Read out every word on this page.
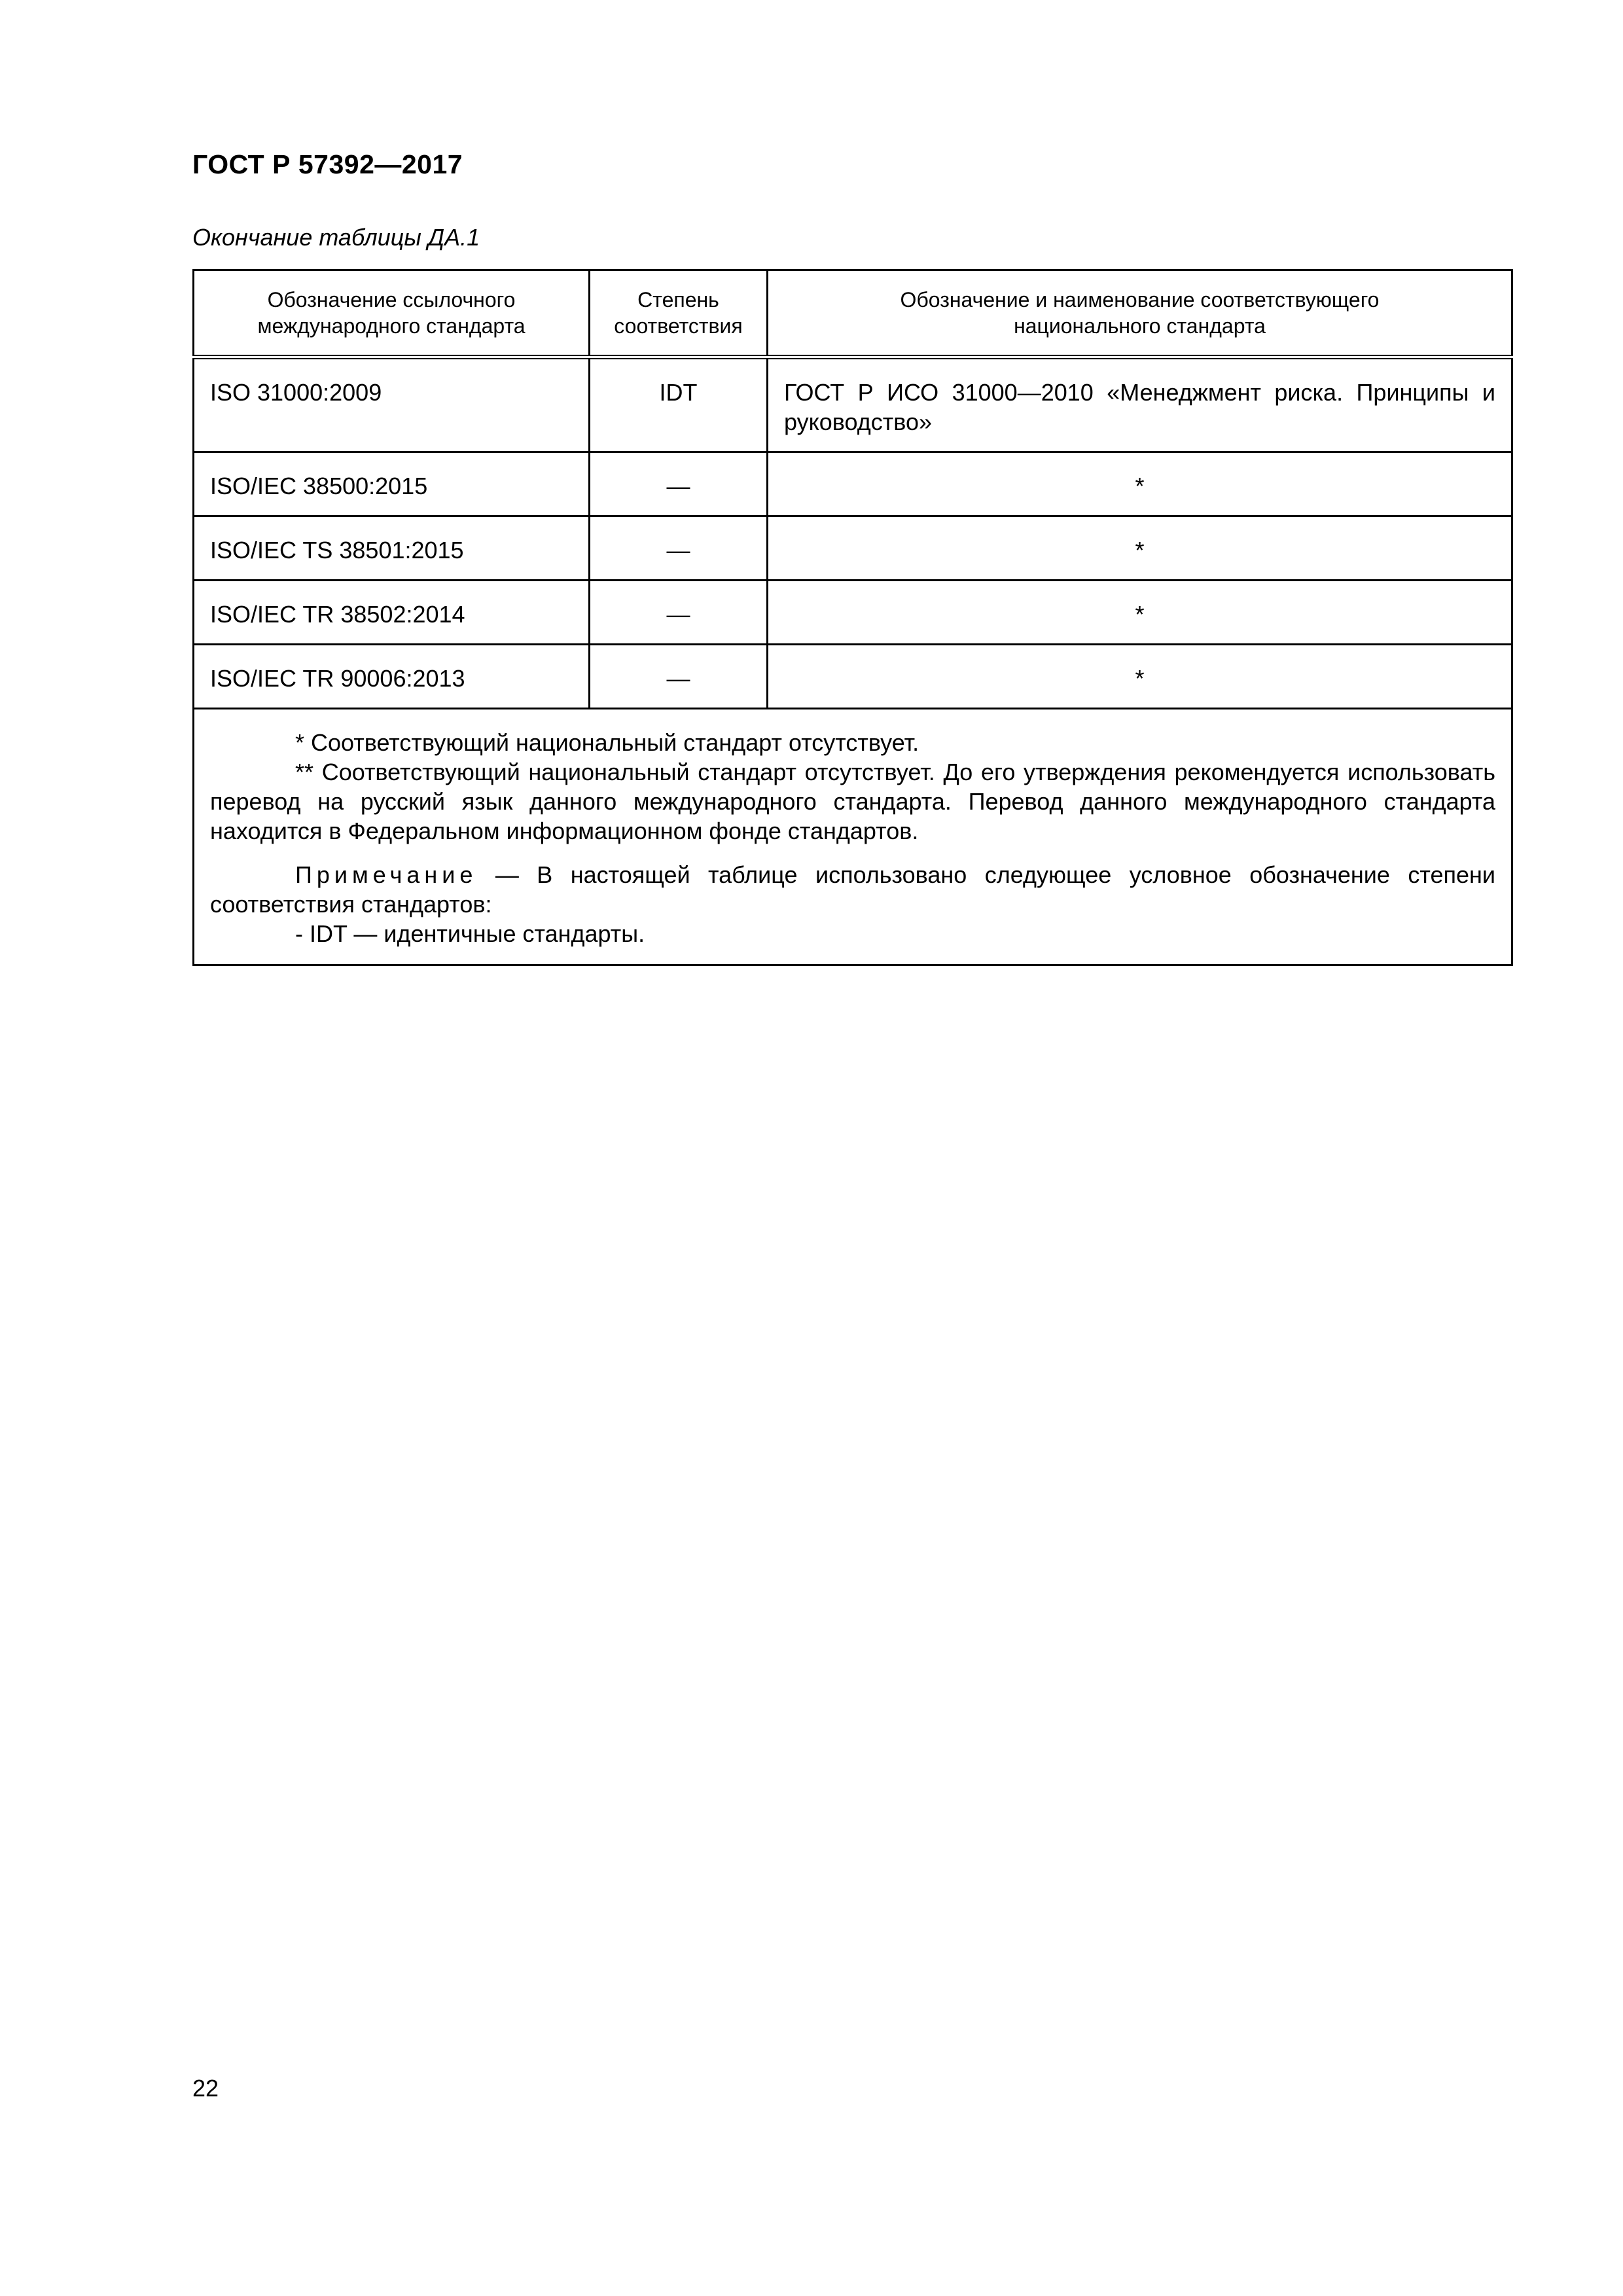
ГОСТ Р 57392—2017
Окончание таблицы ДА.1
Обозначение ссылочного международного стандарта	Степень соответствия	Обозначение и наименование соответствующего национального стандарта
ISO 31000:2009	IDT	ГОСТ Р ИСО 31000—2010 «Менеджмент риска. Принципы и руководство»
ISO/IEC 38500:2015	—	*
ISO/IEC TS 38501:2015	—	*
ISO/IEC TR 38502:2014	—	*
ISO/IEC TR 90006:2013	—	*

* Соответствующий национальный стандарт отсутствует.

** Соответствующий национальный стандарт отсутствует. До его утверждения рекомендуется использовать перевод на русский язык данного международного стандарта. Перевод данного международного стандарта находится в Федеральном информационном фонде стандартов.

Примечание — В настоящей таблице использовано следующее условное обозначение степени соответствия стандартов:

- IDT — идентичные стандарты.		

22
